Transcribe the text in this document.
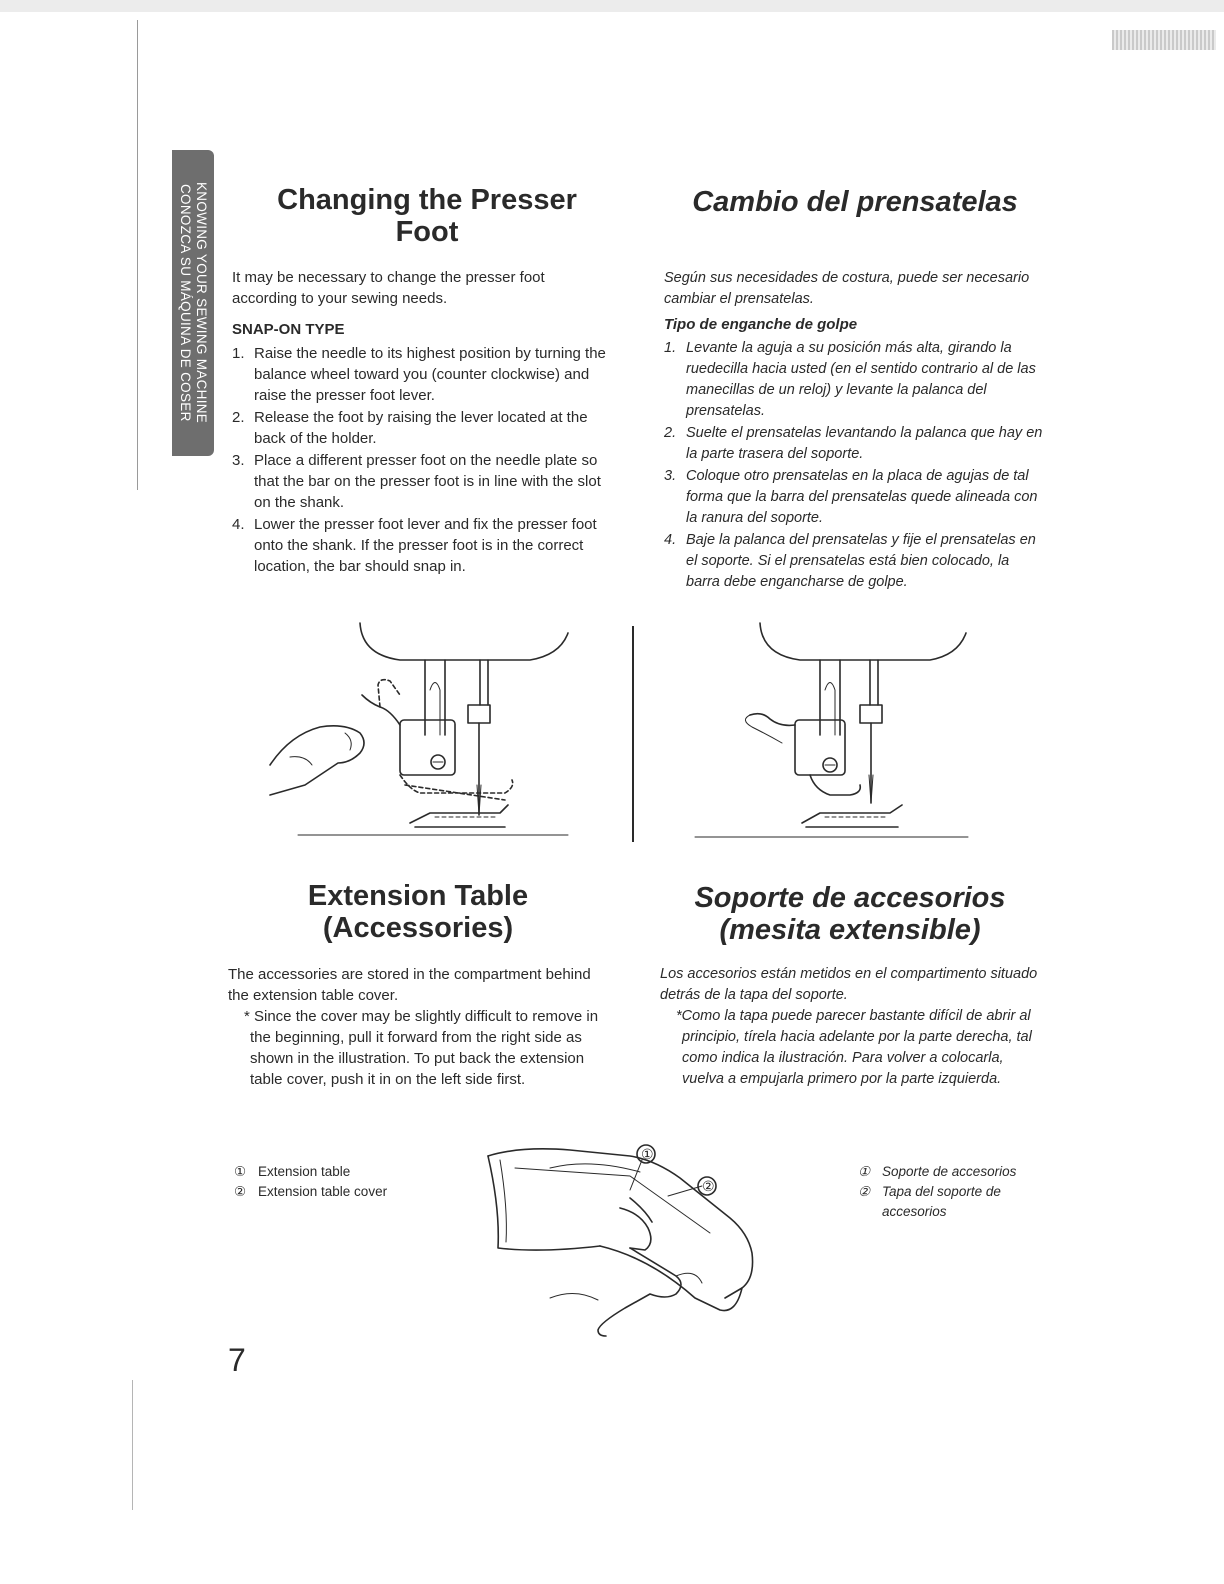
KNOWING YOUR SEWING MACHINE
CONOZCA SU MÁQUINA DE COSER	Changing the Presser
Foot

It may be necessary to change the presser foot according to your sewing needs.

SNAP-ON TYPE

1. Raise the needle to its highest position by turning the balance wheel toward you (counter clockwise) and raise the presser foot lever.
2. Release the foot by raising the lever located at the back of the holder.
3. Place a different presser foot on the needle plate so that the bar on the presser foot is in line with the slot on the shank.
4. Lower the presser foot lever and fix the presser foot onto the shank. If the presser foot is in the correct location, the bar should snap in.
Cambio del prensatelas

Según sus necesidades de costura, puede ser necesario cambiar el prensatelas.

Tipo de enganche de golpe

1. Levante la aguja a su posición más alta, girando la ruedecilla hacia usted (en el sentido contrario al de las manecillas de un reloj) y levante la palanca del prensatelas.
2. Suelte el prensatelas levantando la palanca que hay en la parte trasera del soporte.
3. Coloque otro prensatelas en la placa de agujas de tal forma que la barra del prensatelas quede alineada con la ranura del soporte.
4. Baje la palanca del prensatelas y fije el prensatelas en el soporte. Si el prensatelas está bien colocado, la barra debe engancharse de golpe.
Extension Table
(Accessories)

The accessories are stored in the compartment behind the extension table cover.

* Since the cover may be slightly difficult to remove in the beginning, pull it forward from the right side as shown in the illustration. To put back the extension table cover, push it in on the left side first.

Soporte de accesorios
(mesita extensible)

Los accesorios están metidos en el compartimento situado detrás de la tapa del soporte.

*Como la tapa puede parecer bastante difícil de abrir al principio, tírela hacia adelante por la parte derecha, tal como indica la ilustración. Para volver a colocarla, vuelva a empujarla primero por la parte izquierda.

① Extension table
② Extension table cover
① Soporte de accesorios
② Tapa del soporte de accesorios
①
②
7
